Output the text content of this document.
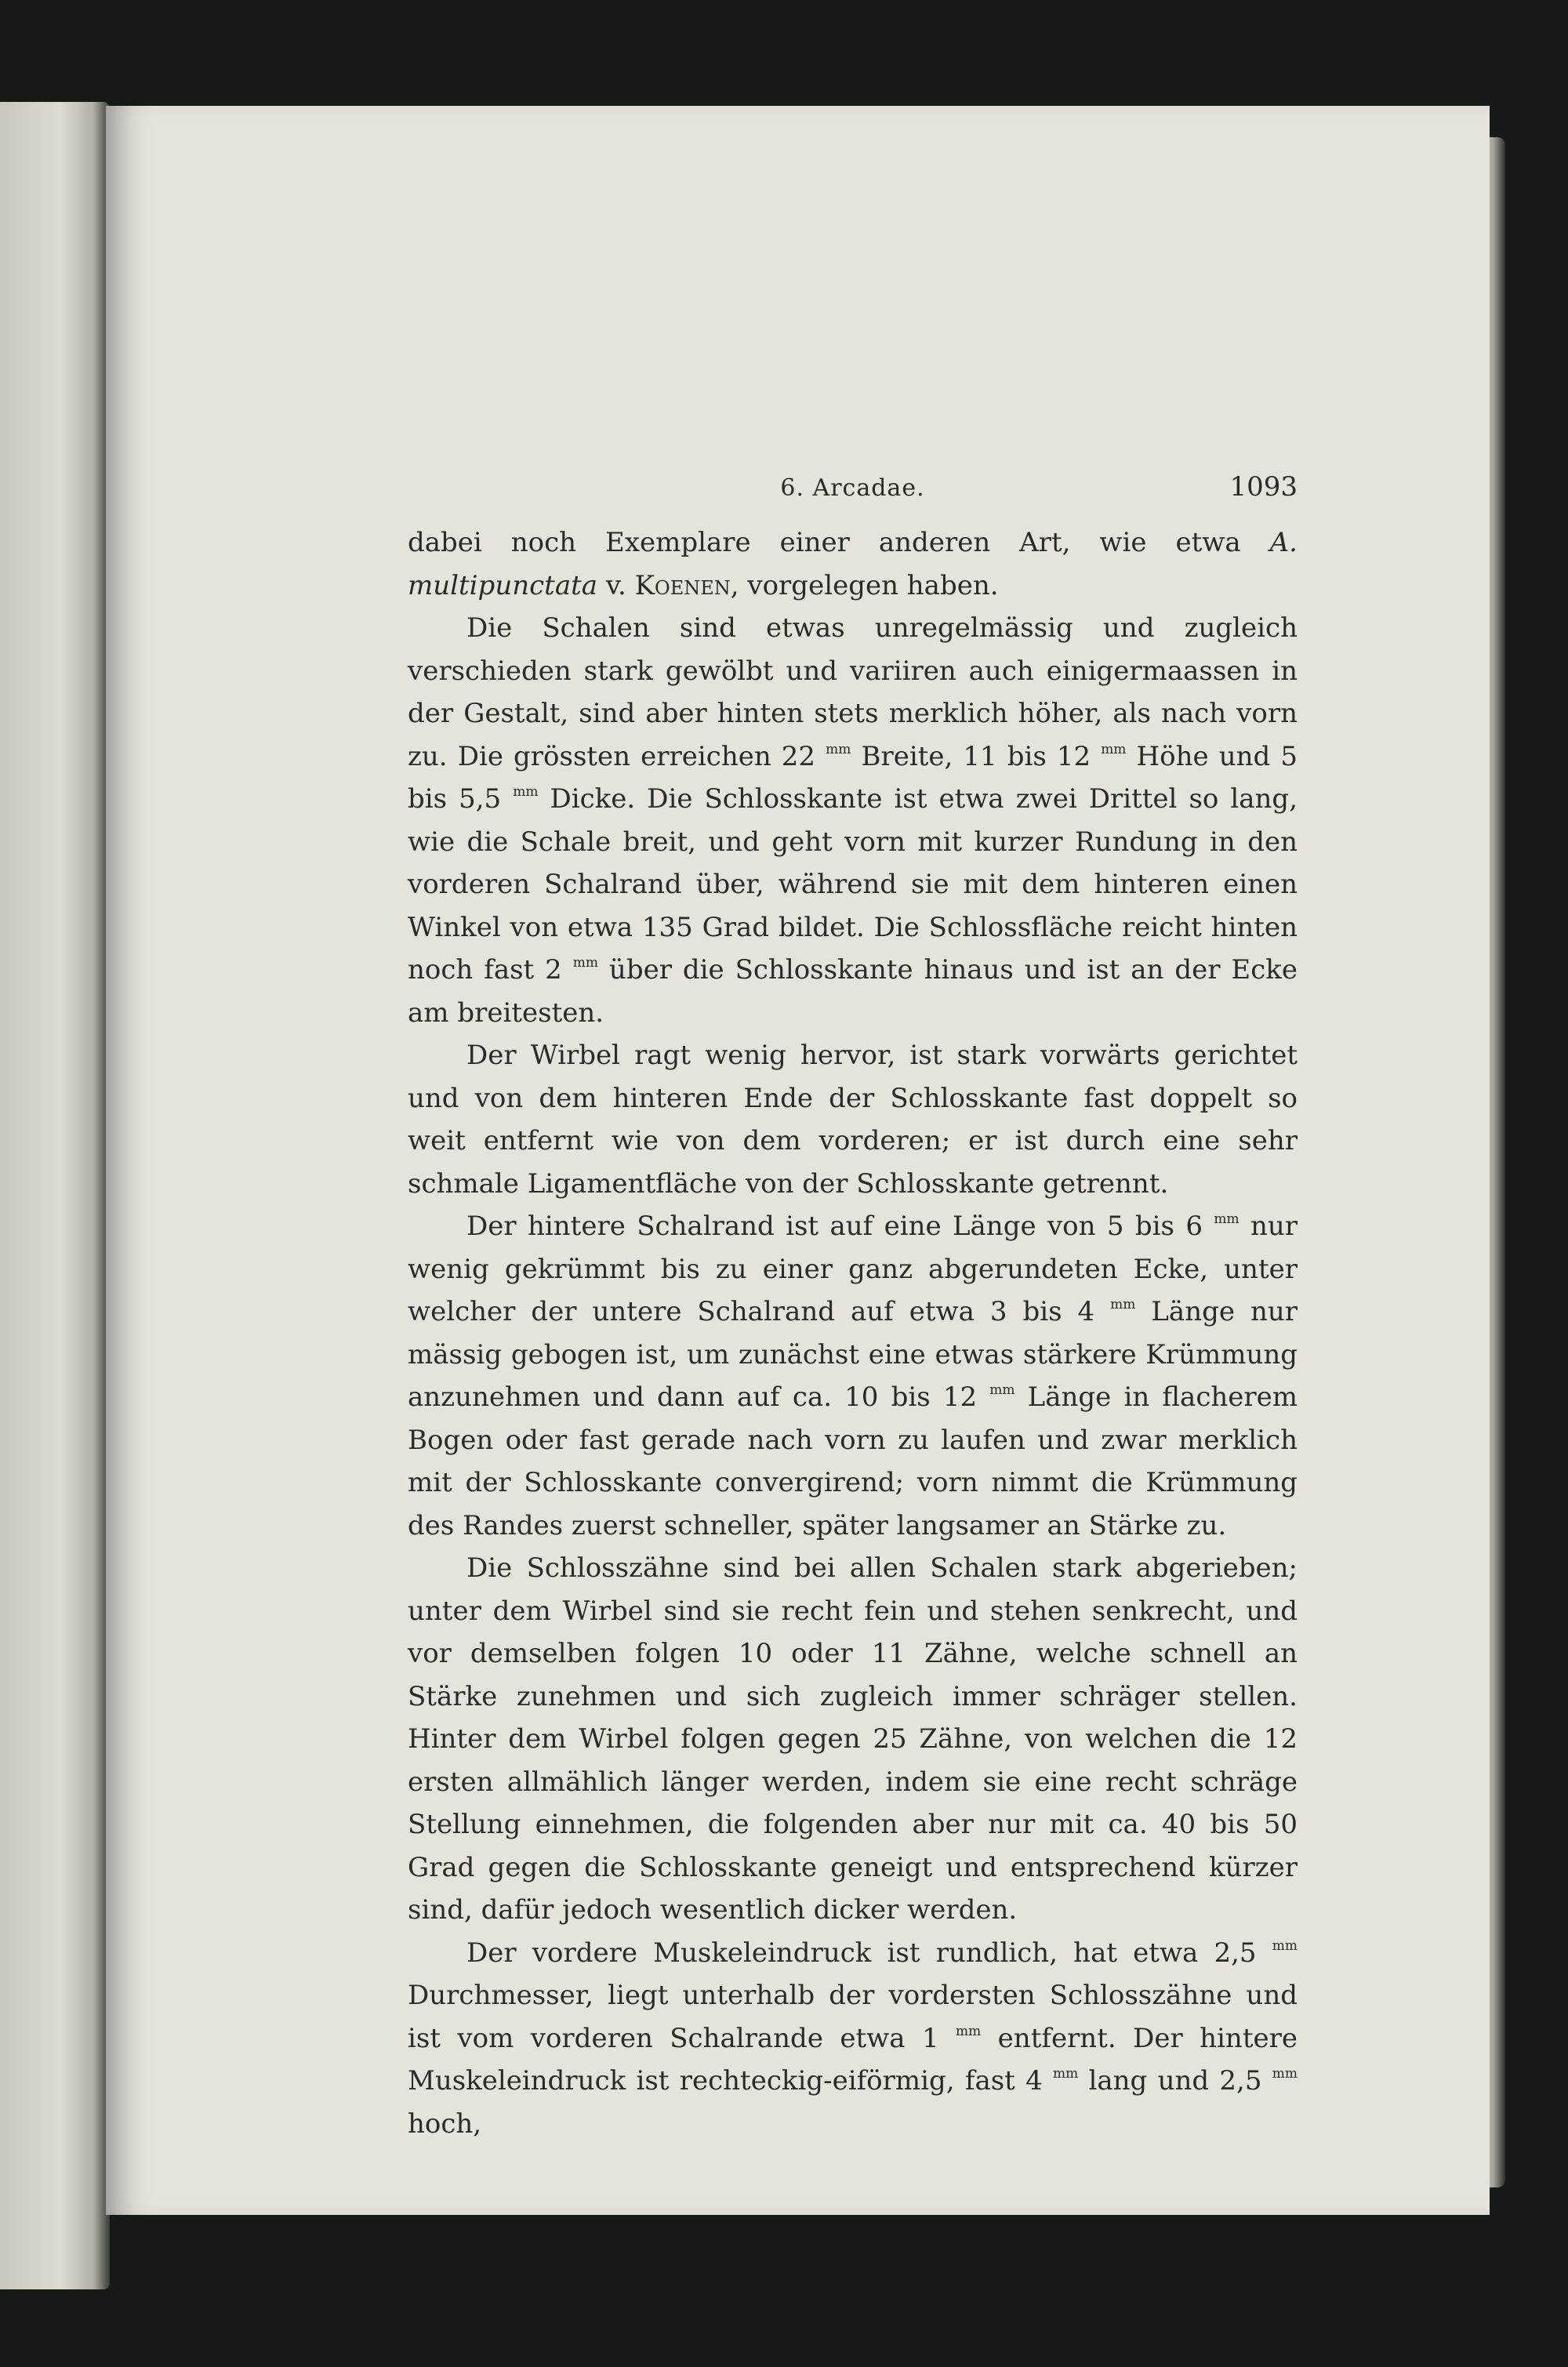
6. Arcadae.	1093

dabei noch Exemplare einer anderen Art, wie etwa A. multipunctata v. Koenen, vorgelegen haben.

Die Schalen sind etwas unregelmässig und zugleich verschieden stark gewölbt und variiren auch einigermaassen in der Gestalt, sind aber hinten stets merklich höher, als nach vorn zu. Die grössten erreichen 22 $^{mm}$ Breite, 11 bis 12 $^{mm}$ Höhe und 5 bis 5,5 $^{mm}$ Dicke. Die Schlosskante ist etwa zwei Drittel so lang, wie die Schale breit, und geht vorn mit kurzer Rundung in den vorderen Schalrand über, während sie mit dem hinteren einen Winkel von etwa 135 Grad bildet. Die Schlossfläche reicht hinten noch fast 2 $^{mm}$ über die Schlosskante hinaus und ist an der Ecke am breitesten.

Der Wirbel ragt wenig hervor, ist stark vorwärts gerichtet und von dem hinteren Ende der Schlosskante fast doppelt so weit entfernt wie von dem vorderen; er ist durch eine sehr schmale Ligamentfläche von der Schlosskante getrennt.

Der hintere Schalrand ist auf eine Länge von 5 bis 6 $^{mm}$ nur wenig gekrümmt bis zu einer ganz abgerundeten Ecke, unter welcher der untere Schalrand auf etwa 3 bis 4 $^{mm}$ Länge nur mässig gebogen ist, um zunächst eine etwas stärkere Krümmung anzunehmen und dann auf ca. 10 bis 12 $^{mm}$ Länge in flacherem Bogen oder fast gerade nach vorn zu laufen und zwar merklich mit der Schlosskante convergirend; vorn nimmt die Krümmung des Randes zuerst schneller, später langsamer an Stärke zu.

Die Schlosszähne sind bei allen Schalen stark abgerieben; unter dem Wirbel sind sie recht fein und stehen senkrecht, und vor demselben folgen 10 oder 11 Zähne, welche schnell an Stärke zunehmen und sich zugleich immer schräger stellen. Hinter dem Wirbel folgen gegen 25 Zähne, von welchen die 12 ersten allmählich länger werden, indem sie eine recht schräge Stellung einnehmen, die folgenden aber nur mit ca. 40 bis 50 Grad gegen die Schlosskante geneigt und entsprechend kürzer sind, dafür jedoch wesentlich dicker werden.

Der vordere Muskeleindruck ist rundlich, hat etwa 2,5 $^{mm}$ Durchmesser, liegt unterhalb der vordersten Schlosszähne und ist vom vorderen Schalrande etwa 1 $^{mm}$ entfernt. Der hintere Muskeleindruck ist rechteckig-eiförmig, fast 4 $^{mm}$ lang und 2,5 $^{mm}$ hoch,
